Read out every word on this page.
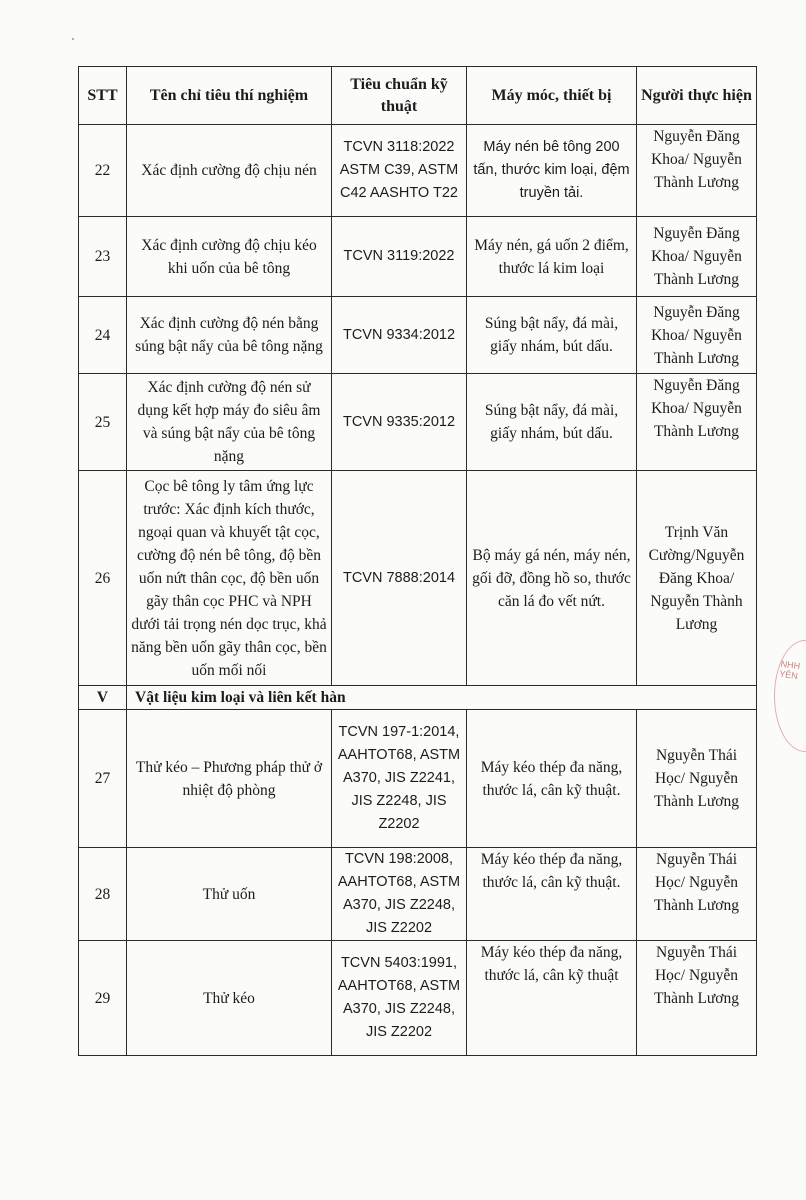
STT	Tên chỉ tiêu thí nghiệm	Tiêu chuẩn kỹ thuật	Máy móc, thiết bị	Người thực hiện
22	Xác định cường độ chịu nén	TCVN 3118:2022 ASTM C39, ASTM C42 AASHTO T22	Máy nén bê tông 200 tấn, thước kim loại, đệm truyền tải.	Nguyễn Đăng Khoa/ Nguyễn Thành Lương
23	Xác định cường độ chịu kéo khi uốn của bê tông	TCVN 3119:2022	Máy nén, gá uốn 2 điểm, thước lá kim loại	Nguyễn Đăng Khoa/ Nguyễn Thành Lương
24	Xác định cường độ nén bằng súng bật nẩy của bê tông nặng	TCVN 9334:2012	Súng bật nẩy, đá mài, giấy nhám, bút dấu.	Nguyễn Đăng Khoa/ Nguyễn Thành Lương
25	Xác định cường độ nén sử dụng kết hợp máy đo siêu âm và súng bật nẩy của bê tông nặng	TCVN 9335:2012	Súng bật nẩy, đá mài, giấy nhám, bút dấu.	Nguyễn Đăng Khoa/ Nguyễn Thành Lương
26	Cọc bê tông ly tâm ứng lực trước: Xác định kích thước, ngoại quan và khuyết tật cọc, cường độ nén bê tông, độ bền uốn nứt thân cọc, độ bền uốn gãy thân cọc PHC và NPH dưới tải trọng nén dọc trục, khả năng bền uốn gãy thân cọc, bền uốn mối nối	TCVN 7888:2014	Bộ máy gá nén, máy nén, gối đỡ, đồng hồ so, thước căn lá đo vết nứt.	Trịnh Văn Cường/Nguyễn Đăng Khoa/ Nguyễn Thành Lương
V	Vật liệu kim loại và liên kết hàn			
27	Thử kéo – Phương pháp thử ở nhiệt độ phòng	TCVN 197-1:2014, AAHTOT68, ASTM A370, JIS Z2241, JIS Z2248, JIS Z2202	Máy kéo thép đa năng, thước lá, cân kỹ thuật.	Nguyễn Thái Học/ Nguyễn Thành Lương
28	Thử uốn	TCVN 198:2008, AAHTOT68, ASTM A370, JIS Z2248, JIS Z2202	Máy kéo thép đa năng, thước lá, cân kỹ thuật.	Nguyễn Thái Học/ Nguyễn Thành Lương
29	Thử kéo	TCVN 5403:1991, AAHTOT68, ASTM A370, JIS Z2248, JIS Z2202	Máy kéo thép đa năng, thước lá, cân kỹ thuật	Nguyễn Thái Học/ Nguyễn Thành Lương
NHH
YÊN
